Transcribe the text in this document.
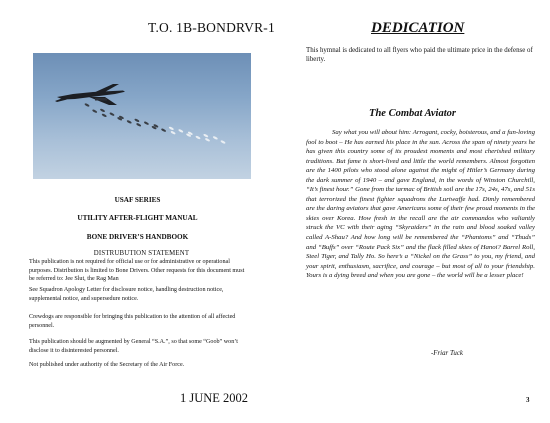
T.O. 1B-BONDRVR-1
USAF SERIES
UTILITY AFTER-FLIGHT MANUAL
BONE DRIVER’S HANDBOOK
DISTRUBUTION STATEMENT
This publication is not required for official use or for administrative or operational purposes. Distribution is limited to Bone Drivers. Other requests for this document must be referred to: Jee Slut, the Rag Man
See Squadron Apology Letter for disclosure notice, handling destruction notice, supplemental notice, and supersedure notice.
Crewdogs are responsible for bringing this publication to the attention of all affected personnel.
This publication should be augmented by General “S.A.”, so that some “Goob” won’t disclose it to disinterested personnel.
Not published under authority of the Secretary of the Air Force.
1 JUNE 2002
DEDICATION
This hymnal is dedicated to all flyers who paid the ultimate price in the defense of liberty.
The Combat Aviator
Say what you will about him: Arrogant, cocky, boisterous, and a fun-loving fool to boot – He has earned his place in the sun. Across the span of ninety years he has given this country some of its proudest moments and most cherished military traditions. But fame is short-lived and little the world remembers. Almost forgotten are the 1400 pilots who stood alone against the might of Hitler’s Germany during the dark summer of 1940 – and gave England, in the words of Winston Churchill, “It’s finest hour.” Gone from the tarmac of British soil are the 17s, 24s, 47s, and 51s that terrorized the finest fighter squadrons the Lurtwaffe had. Dimly remembered are the daring aviators that gave Americans some of their few proud moments in the skies over Korea. How fresh in the recall are the air commandos who valiantly struck the VC with their aging “Skyraiders” in the rain and blood soaked valley called A-Shau? And how long will be remembered the “Phantoms” and “Thuds” and “Buffs” over “Route Pack Six” and the flack filled skies of Hanoi? Barrel Roll, Steel Tiger, and Tally Ho. So here’s a “Nickel on the Grass” to you, my friend, and your spirit, enthusiasm, sacrifice, and courage – but most of all to your friendship. Yours is a dying breed and when you are gone – the world will be a lesser place!
-Friar Tuck
3
